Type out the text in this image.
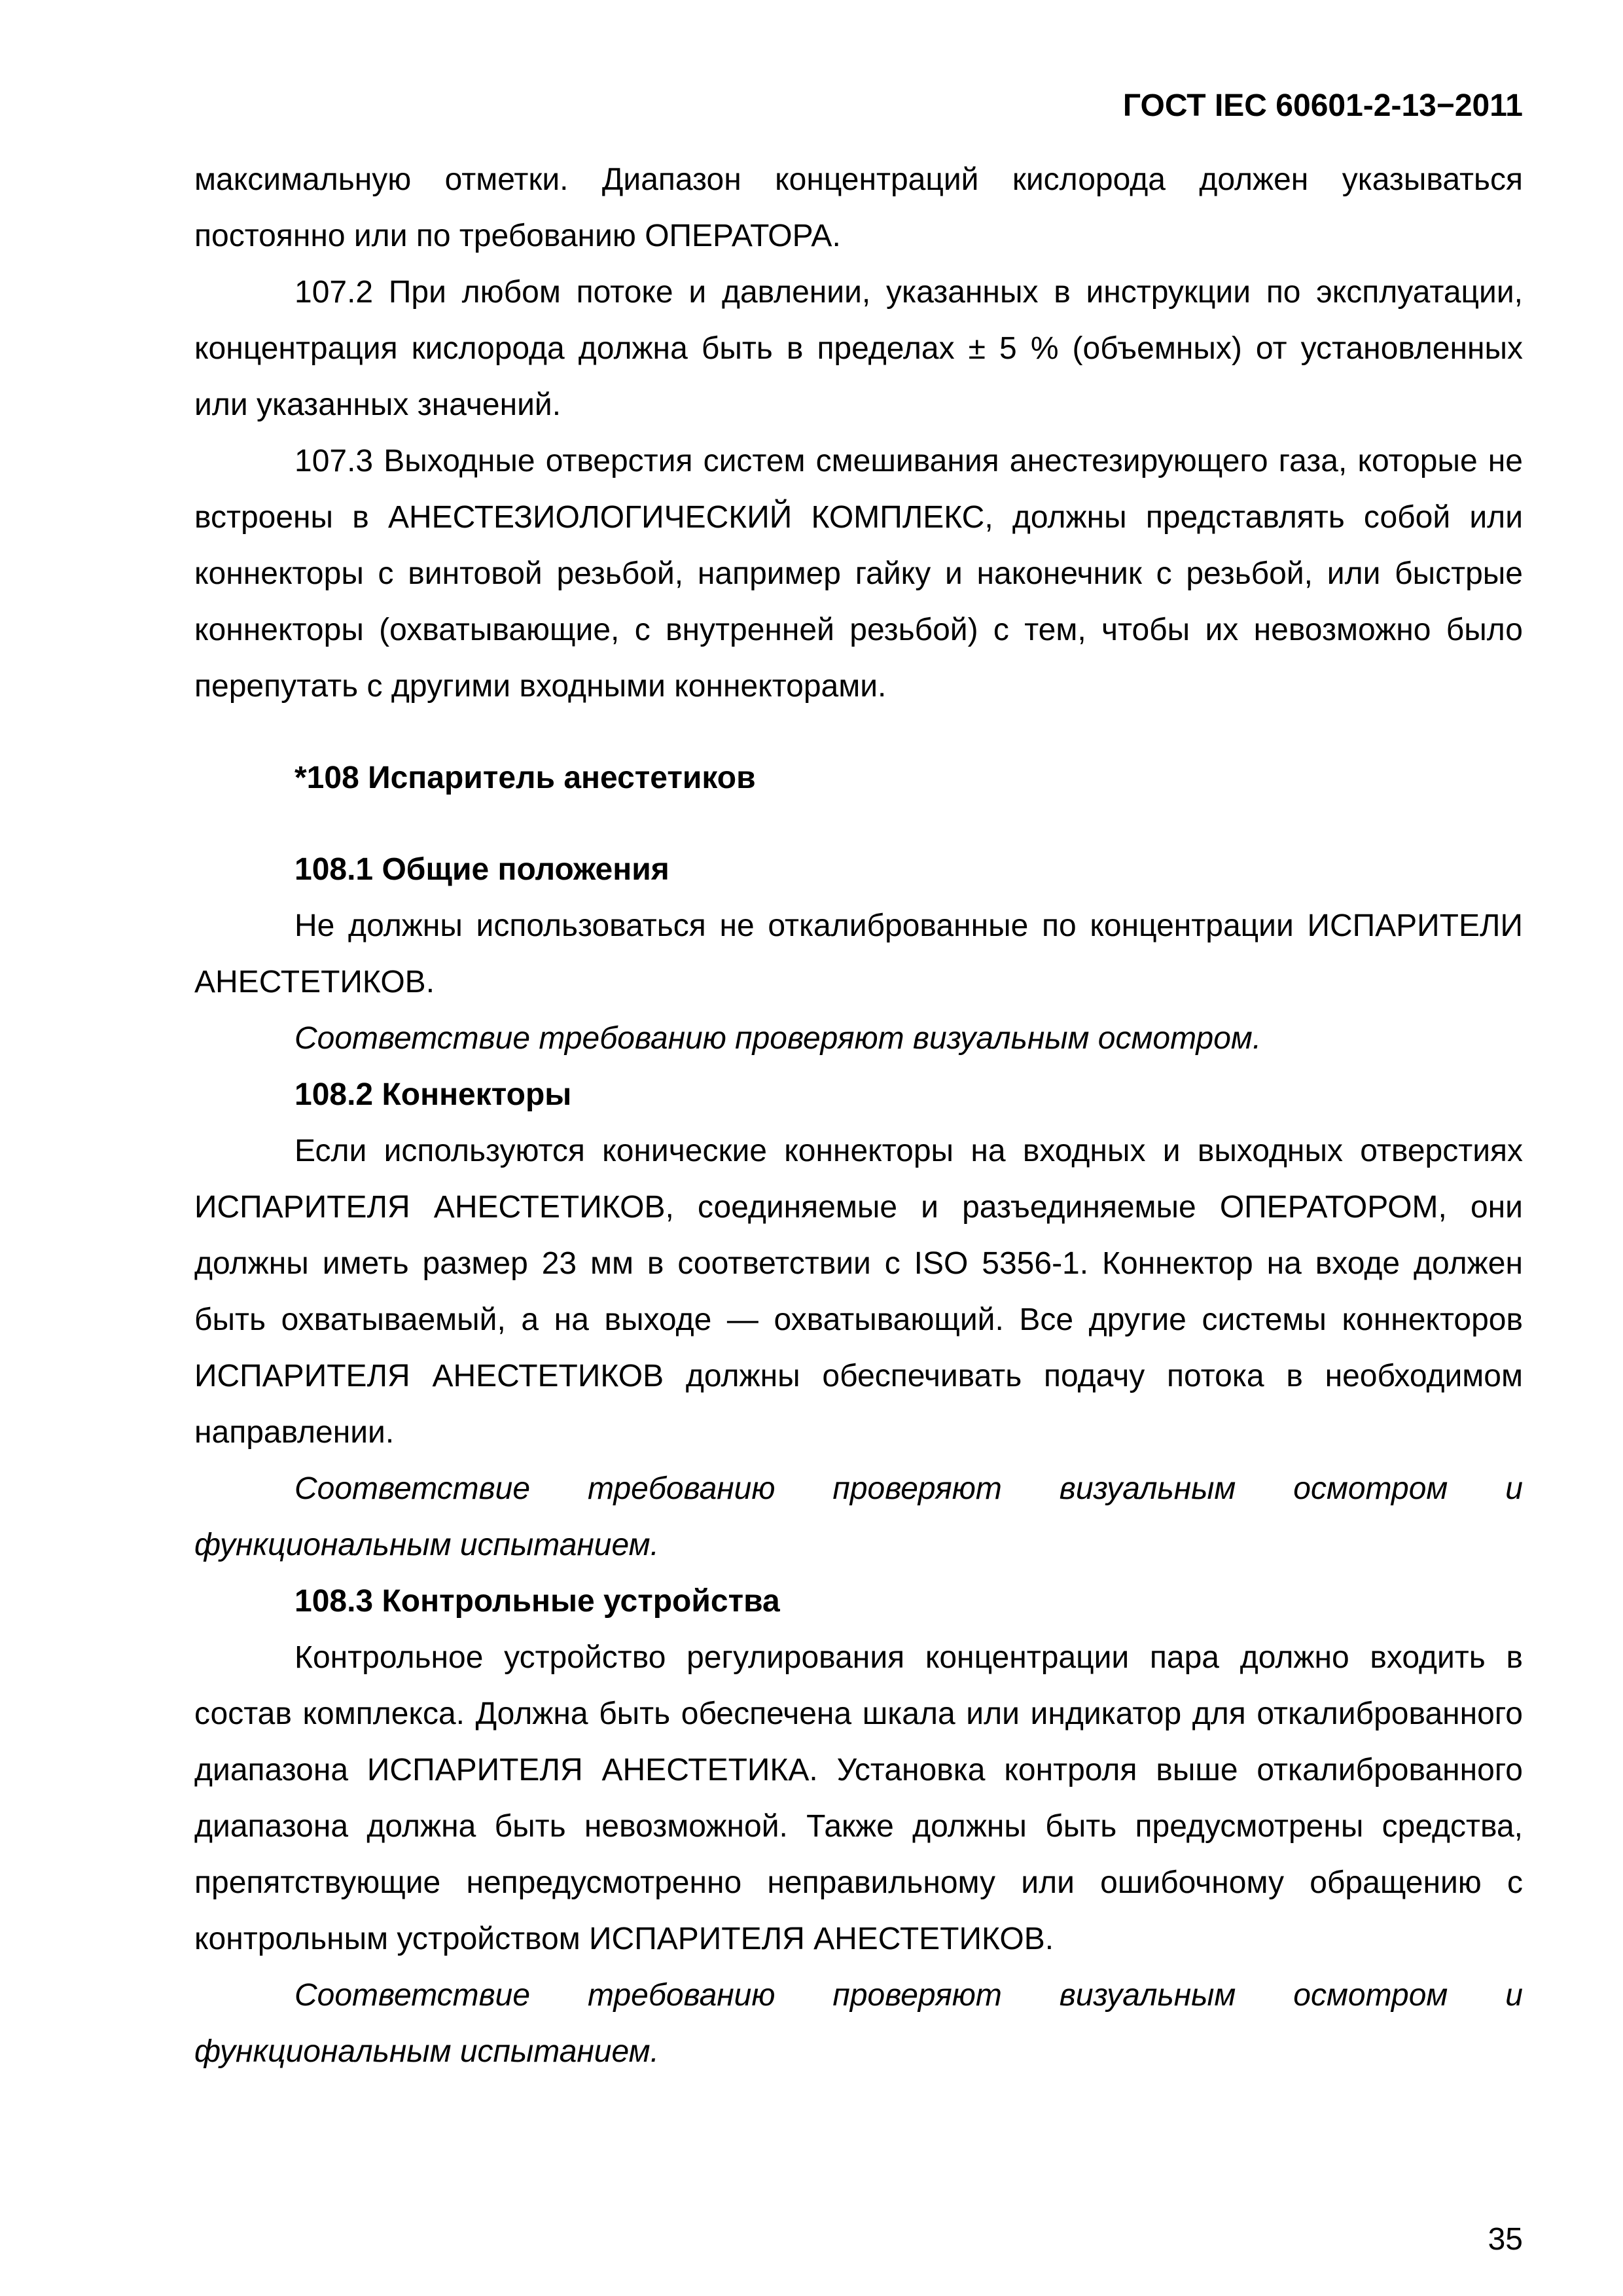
ГОСТ IEC 60601-2-13−2011

максимальную отметки. Диапазон концентраций кислорода должен указываться постоянно или по требованию ОПЕРАТОРА.

107.2 При любом потоке и давлении, указанных в инструкции по эксплуатации, концентрация кислорода должна быть в пределах ± 5 % (объемных) от установленных или указанных значений.

107.3 Выходные отверстия систем смешивания анестезирующего газа, которые не встроены в АНЕСТЕЗИОЛОГИЧЕСКИЙ КОМПЛЕКС, должны представлять собой или коннекторы с винтовой резьбой, например гайку и наконечник с резьбой, или быстрые коннекторы (охватывающие, с внутренней резьбой) с тем, чтобы их невозможно было перепутать с другими входными коннекторами.

*108 Испаритель анестетиков

108.1 Общие положения

Не должны использоваться не откалиброванные по концентрации ИСПАРИТЕЛИ АНЕСТЕТИКОВ.

Соответствие требованию проверяют визуальным осмотром.

108.2 Коннекторы

Если используются конические коннекторы на входных и выходных отверстиях ИСПАРИТЕЛЯ АНЕСТЕТИКОВ, соединяемые и разъединяемые ОПЕРАТОРОМ, они должны иметь размер 23 мм в соответствии с ISO 5356-1. Коннектор на входе должен быть охватываемый, а на выходе — охватывающий. Все другие системы коннекторов ИСПАРИТЕЛЯ АНЕСТЕТИКОВ должны обеспечивать подачу потока в необходимом направлении.

Соответствие требованию проверяют визуальным осмотром и функциональным испытанием.

108.3 Контрольные устройства

Контрольное устройство регулирования концентрации пара должно входить в состав комплекса. Должна быть обеспечена шкала или индикатор для откалиброванного диапазона ИСПАРИТЕЛЯ АНЕСТЕТИКА. Установка контроля выше откалиброванного диапазона должна быть невозможной. Также должны быть предусмотрены средства, препятствующие непредусмотренно неправильному или ошибочному обращению с контрольным устройством ИСПАРИТЕЛЯ АНЕСТЕТИКОВ.

Соответствие требованию проверяют визуальным осмотром и функциональным испытанием.

35
